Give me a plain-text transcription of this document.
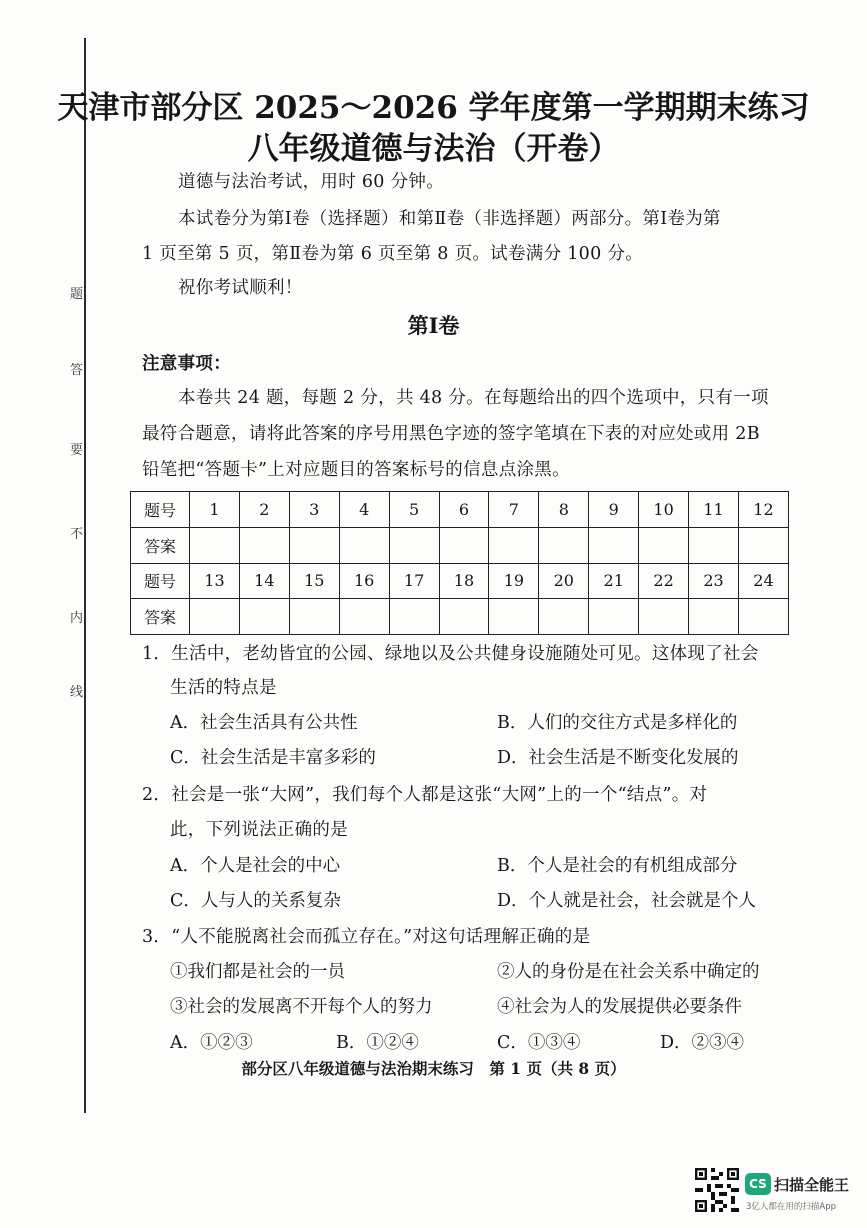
题
答
要
不
内
线
天津市部分区 2025～2026 学年度第一学期期末练习
八年级道德与法治（开卷）
道德与法治考试，用时 60 分钟。
本试卷分为第Ⅰ卷（选择题）和第Ⅱ卷（非选择题）两部分。第Ⅰ卷为第
1 页至第 5 页，第Ⅱ卷为第 6 页至第 8 页。试卷满分 100 分。
祝你考试顺利！
第Ⅰ卷
注意事项：
本卷共 24 题，每题 2 分，共 48 分。在每题给出的四个选项中，只有一项
最符合题意，请将此答案的序号用黑色字迹的签字笔填在下表的对应处或用 2B
铅笔把“答题卡”上对应题目的答案标号的信息点涂黑。
题号	1	2	3	4	5	6	7	8	9	10	11	12
答案												
题号	13	14	15	16	17	18	19	20	21	22	23	24
答案												
1．生活中，老幼皆宜的公园、绿地以及公共健身设施随处可见。这体现了社会
生活的特点是
A．社会生活具有公共性	B．人们的交往方式是多样化的
C．社会生活是丰富多彩的	D．社会生活是不断变化发展的
2．社会是一张“大网”，我们每个人都是这张“大网”上的一个“结点”。对
此，下列说法正确的是
A．个人是社会的中心	B．个人是社会的有机组成部分
C．人与人的关系复杂	D．个人就是社会，社会就是个人
3．“人不能脱离社会而孤立存在。”对这句话理解正确的是
①我们都是社会的一员	②人的身份是在社会关系中确定的
③社会的发展离不开每个人的努力	④社会为人的发展提供必要条件
A．①②③	B．①②④	C．①③④	D．②③④
部分区八年级道德与法治期末练习　第 1 页（共 8 页）
CS 扫描全能王
3亿人都在用的扫描App
